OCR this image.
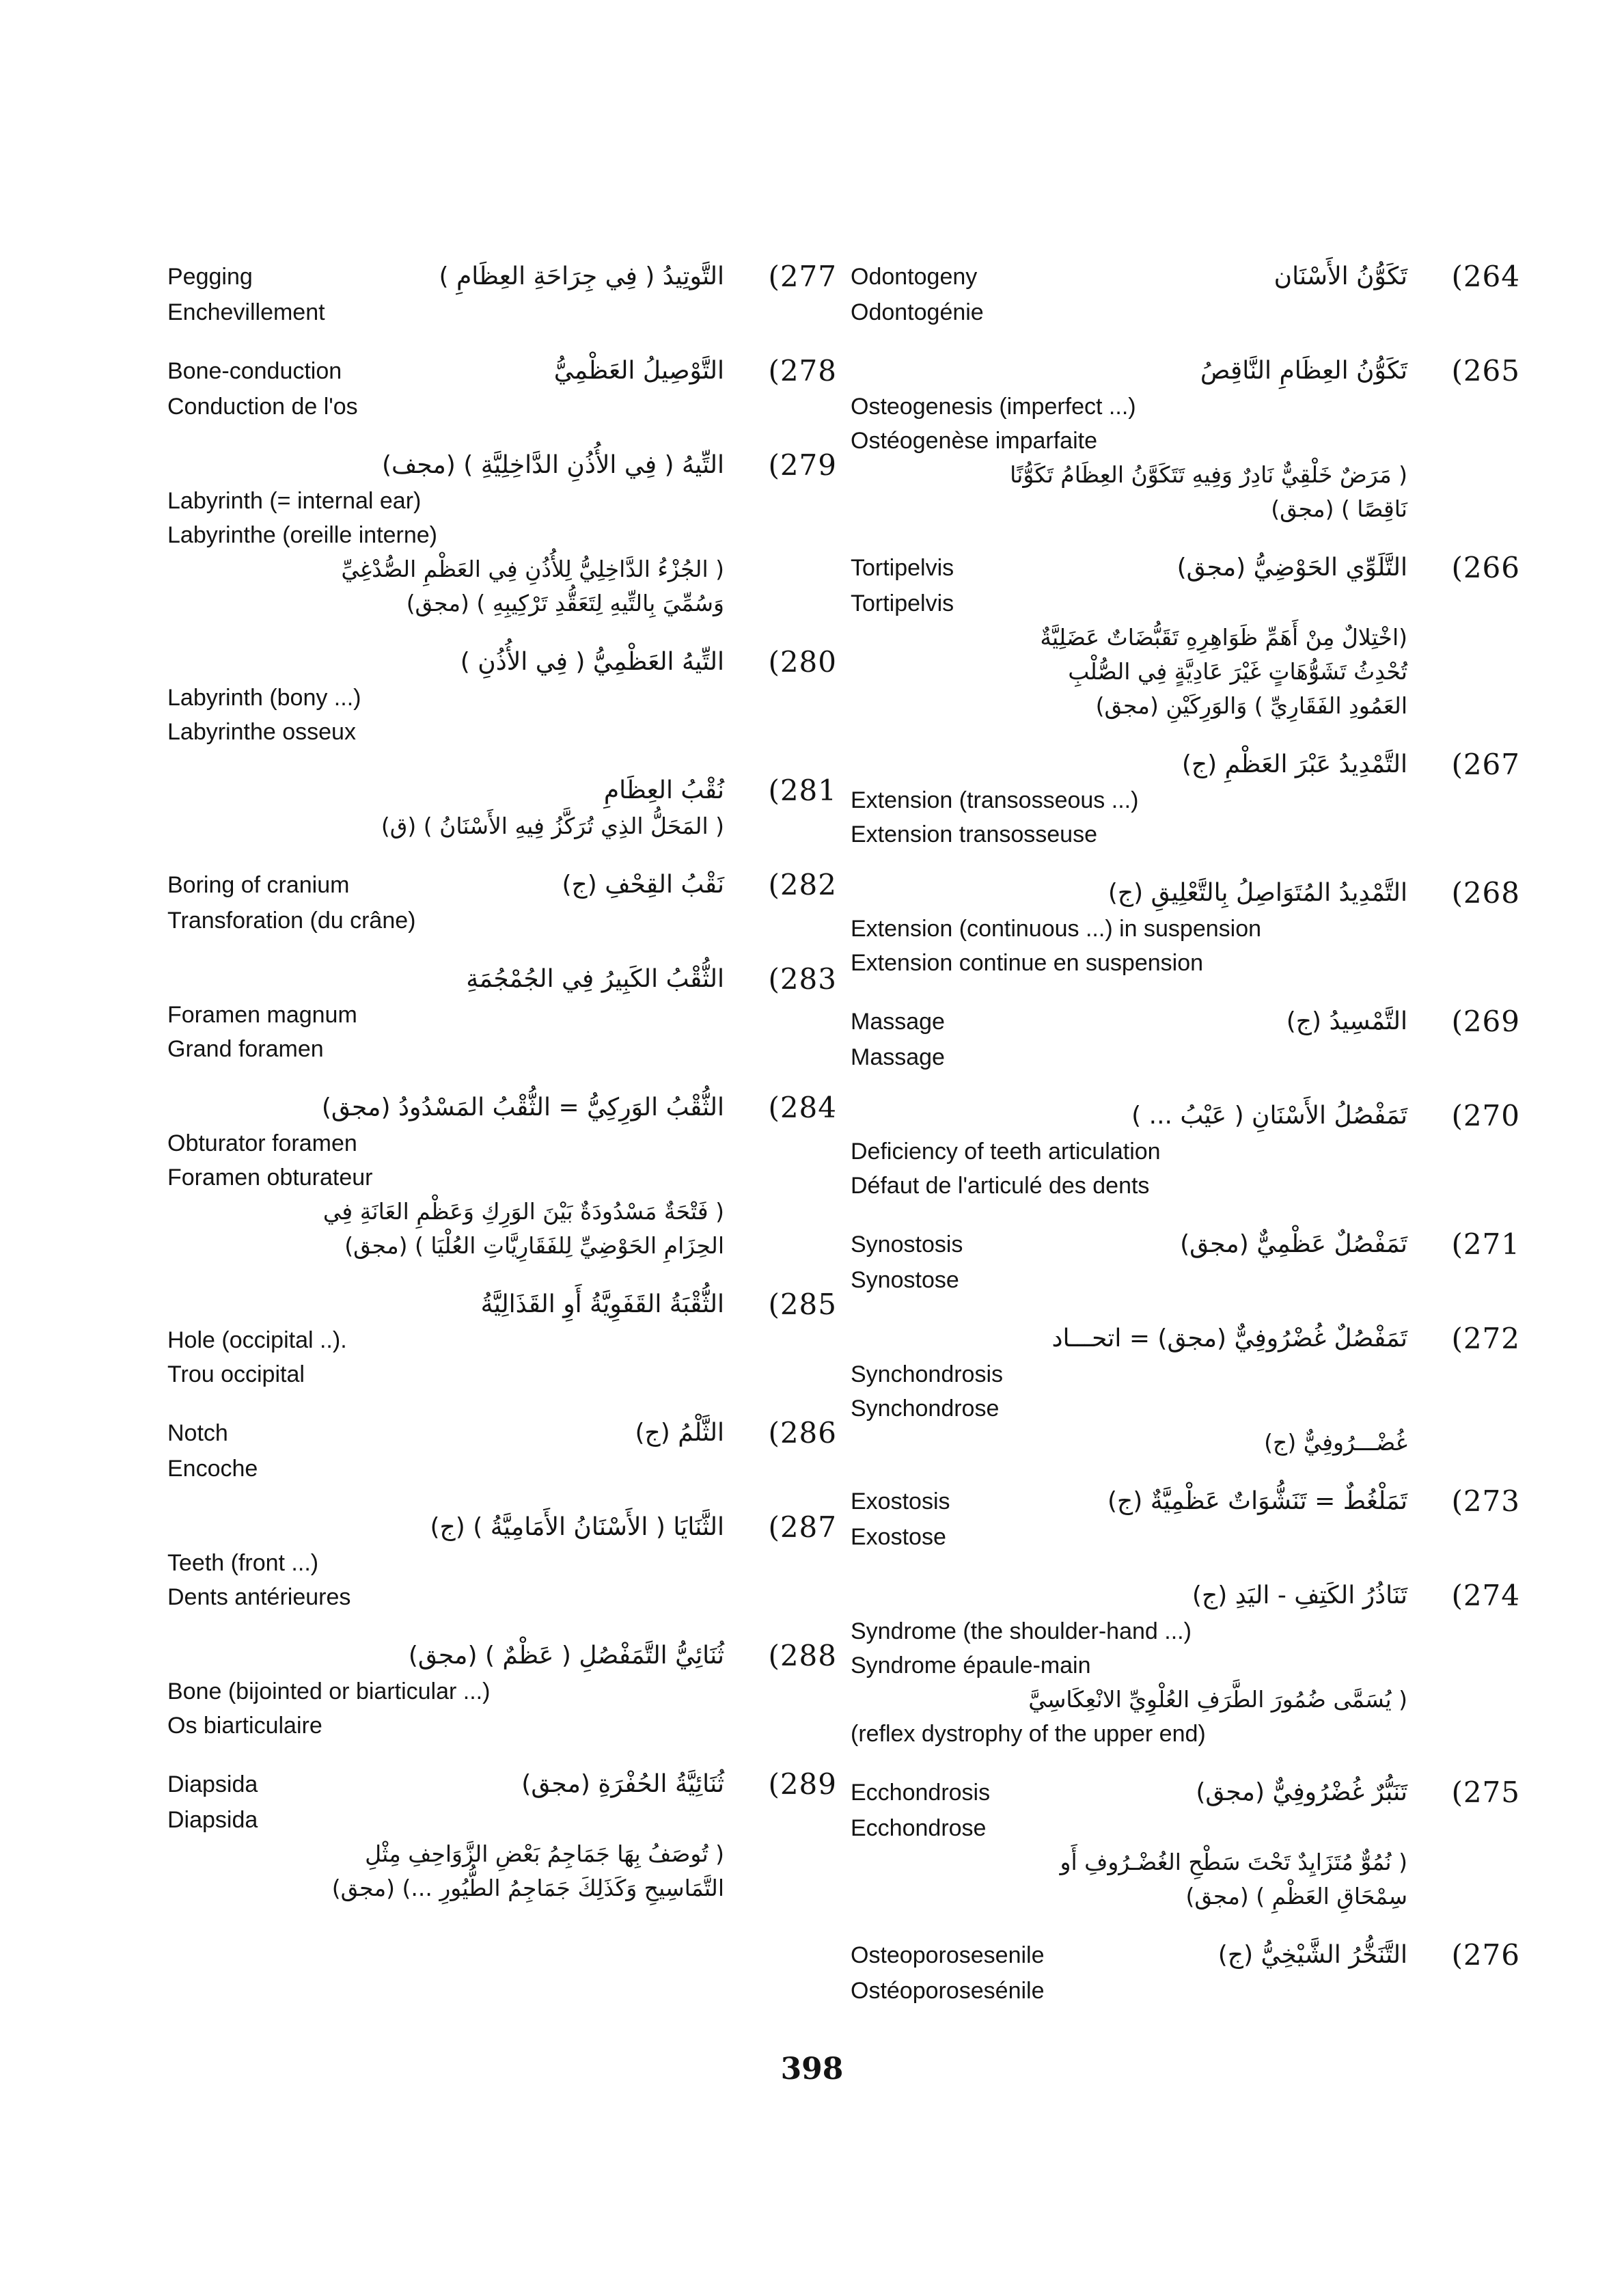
(264
تَكَوُّنُ الأَسْنَان
Odontogeny
Odontogénie
(265
تَكَوُّنُ العِظَامِ النَّاقِصُ
Osteogenesis (imperfect ...)
Ostéogenèse imparfaite
( مَرَضٌ خَلْقِيٌّ نَادِرٌ وَفِيهِ تَتَكَوَّنُ العِظَامُ تَكَوُّنًا
نَاقِصًا ) (مجق)
(266
التَّلَوِّي الحَوْضِيُّ (مجق)
Tortipelvis
Tortipelvis
(اخْتِلالٌ مِنْ أَهَمِّ ظَوَاهِرِهِ تَقَبُّضَاتٌ عَضَلِيَّةٌ
تُحْدِثُ تَشَوُّهَاتٍ غَيْرَ عَادِيَّةٍ فِي الصُّلْبِ
العَمُودِ الفَقَارِيِّ ) وَالوَرِكَيْنِ (مجق)
(267
التَّمْدِيدُ عَبْرَ العَظْمِ (ج)
Extension (transosseous ...)
Extension transosseuse
(268
التَّمْدِيدُ المُتَوَاصِلُ بِالتَّعْلِيقِ (ج)
Extension (continuous ...) in suspension
Extension continue en suspension
(269
التَّمْسِيدُ (ج)
Massage
Massage
(270
تَمَفْصُلُ الأَسْنَانِ ( عَيْبُ ... )
Deficiency of teeth articulation
Défaut de l'articulé des dents
(271
تَمَفْصُلٌ عَظْمِيٌّ (مجق)
Synostosis
Synostose
(272
تَمَفْصُلٌ غُضْرُوفِيٌّ (مجق) = اتحـــاد
Synchondrosis
Synchondrose
غُضْـــرُوفِيٌّ (ج)
(273
تَمَلْغُطٌ = تَنَشُّوَاتٌ عَظْمِيَّةٌ (ج)
Exostosis
Exostose
(274
تَنَاذُرُ الكَتِفِ - اليَدِ (ج)
Syndrome (the shoulder-hand ...)
Syndrome épaule-main
( يُسَمَّى ضُمُورَ الطَّرَفِ العُلْوِيِّ الانْعِكَاسِيَّ
(reflex dystrophy of the upper end)
(275
تَنَبُّرٌ غُضْرُوفِيٌّ (مجق)
Ecchondrosis
Ecchondrose
( نُمُوٌّ مُتَزَايِدٌ تَحْتَ سَطْحِ الغُضْـرُوفِ أَو
سِمْحَاقِ العَظْمِ ) (مجق)
(276
التَّنَخُّرُ الشَّيْخِيُّ (ج)
Osteoporosesenile
Ostéoporosesénile
(277
التَّوتِيدُ ( فِي جِرَاحَةِ العِظَامِ )
Pegging
Enchevillement
(278
التَّوْصِيلُ العَظْمِيُّ
Bone-conduction
Conduction de l'os
(279
التِّيهُ ( فِي الأُذُنِ الدَّاخِلِيَّةِ ) (مجف)
Labyrinth (= internal ear)
Labyrinthe (oreille interne)
( الجُزْءُ الدَّاخِلِيُّ لِلأُذُنِ فِي العَظْمِ الصُّدْغِيِّ
وَسُمِّيَ بِالتِّيهِ لِتَعَقُّدِ تَرْكِيبِهِ ) (مجق)
(280
التِّيهُ العَظْمِيُّ ( فِي الأُذُنِ )
Labyrinth (bony ...)
Labyrinthe osseux
(281
نُقْبُ العِظَامِ
( المَحَلُّ الذِي تُرَكَّزُ فِيهِ الأَسْنَانُ ) (ق)
(282
نَقْبُ القِحْفِ (ج)
Boring of cranium
Transforation (du crâne)
(283
الثُّقْبُ الكَبِيرُ فِي الجُمْجُمَةِ
Foramen magnum
Grand foramen
(284
الثُّقْبُ الوَرِكِيُّ = الثُّقْبُ المَسْدُودُ (مجق)
Obturator foramen
Foramen obturateur
( فَتْحَةٌ مَسْدُودَةٌ بَيْنَ الوَرِكِ وَعَظْمِ العَانَةِ فِي
الحِزَامِ الحَوْضِيِّ لِلفَقَارِيَّاتِ العُلْيَا ) (مجق)
(285
الثُّقْبَةُ القَفَوِيَّةُ أَوِ القَذَالِيَّةُ
Hole (occipital ..).
Trou occipital
(286
الثَّلْمُ (ج)
Notch
Encoche
(287
الثَّنَايَا ( الأَسْنَانُ الأَمَامِيَّةُ ) (ج)
Teeth (front ...)
Dents antérieures
(288
ثُنَائِيُّ التَّمَفْصُلِ ( عَظْمٌ ) (مجق)
Bone (bijointed or biarticular ...)
Os biarticulaire
(289
ثُنَائِيَّةُ الحُفْرَةِ (مجق)
Diapsida
Diapsida
( تُوصَفُ بِهَا جَمَاجِمُ بَعْضِ الزَّوَاحِفِ مِثْلِ
التَّمَاسِيحِ وَكَذَلِكَ جَمَاجِمُ الطُّيُورِ ...) (مجق)
398
